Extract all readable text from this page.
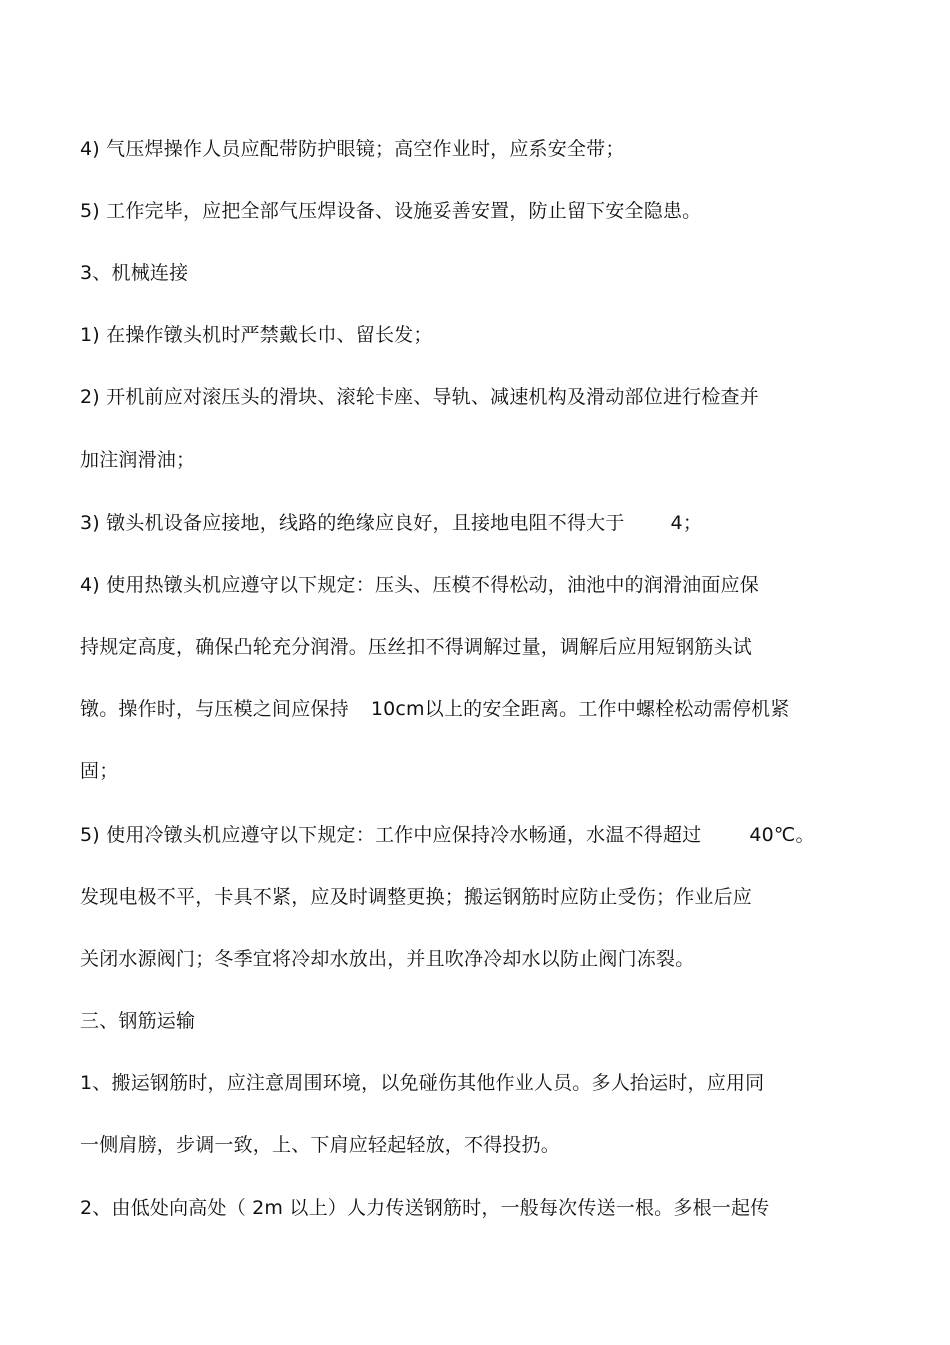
4) 气压焊操作人员应配带防护眼镜；高空作业时，应系安全带；
5) 工作完毕，应把全部气压焊设备、设施妥善安置，防止留下安全隐患。
3、机械连接
1) 在操作镦头机时严禁戴长巾、留长发；
2) 开机前应对滚压头的滑块、滚轮卡座、导轨、减速机构及滑动部位进行检查并
加注润滑油；
3) 镦头机设备应接地，线路的绝缘应良好，且接地电阻不得大于 4；
4) 使用热镦头机应遵守以下规定：压头、压模不得松动，油池中的润滑油面应保
持规定高度，确保凸轮充分润滑。压丝扣不得调解过量，调解后应用短钢筋头试
镦。操作时，与压模之间应保持 10cm以上的安全距离。工作中螺栓松动需停机紧
固；
5) 使用冷镦头机应遵守以下规定：工作中应保持冷水畅通，水温不得超过	40℃。
发现电极不平，卡具不紧，应及时调整更换；搬运钢筋时应防止受伤；作业后应
关闭水源阀门；冬季宜将冷却水放出，并且吹净冷却水以防止阀门冻裂。
三、钢筋运输
1、搬运钢筋时，应注意周围环境，以免碰伤其他作业人员。多人抬运时，应用同
一侧肩膀，步调一致，上、下肩应轻起轻放，不得投扔。
2、由低处向高处（ 2m 以上）人力传送钢筋时，一般每次传送一根。多根一起传
